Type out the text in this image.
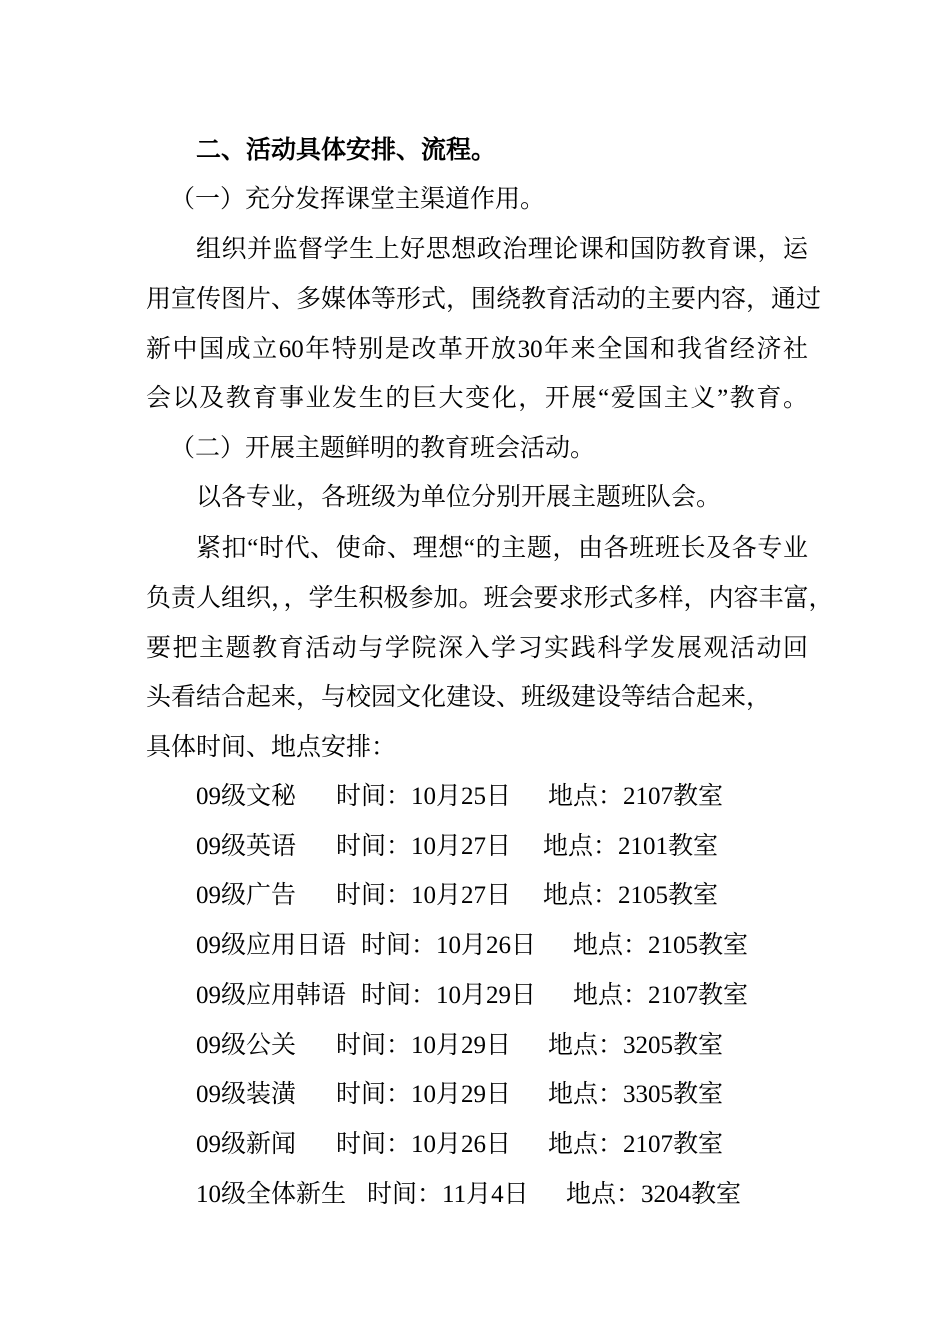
二、活动具体安排、流程。
（一）充分发挥课堂主渠道作用。
组织并监督学生上好思想政治理论课和国防教育课，运
用宣传图片、多媒体等形式，围绕教育活动的主要内容，通过
新中国成立60年特别是改革开放30年来全国和我省经济社
会以及教育事业发生的巨大变化，开展“爱国主义”教育。
（二）开展主题鲜明的教育班会活动。
以各专业，各班级为单位分别开展主题班队会。
紧扣“时代、使命、理想“的主题，由各班班长及各专业
负责人组织，，学生积极参加。班会要求形式多样，内容丰富，
要把主题教育活动与学院深入学习实践科学发展观活动回
头看结合起来，与校园文化建设、班级建设等结合起来，
具体时间、地点安排：
09级文秘 时间：10月25日 地点：2107教室
09级英语 时间：10月27日 地点：2101教室
09级广告 时间：10月27日 地点：2105教室
09级应用日语 时间：10月26日 地点：2105教室
09级应用韩语 时间：10月29日 地点：2107教室
09级公关 时间：10月29日 地点：3205教室
09级装潢 时间：10月29日 地点：3305教室
09级新闻 时间：10月26日 地点：2107教室
10级全体新生 时间：11月4日 地点：3204教室
